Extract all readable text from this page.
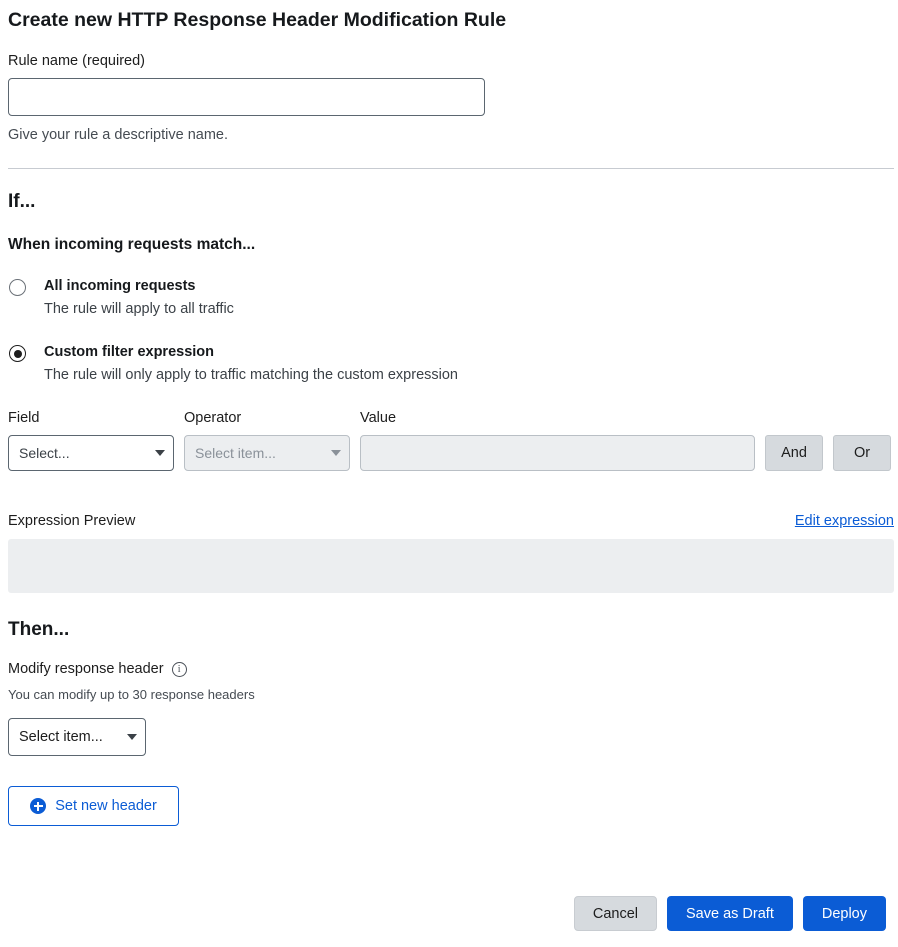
Create new HTTP Response Header Modification Rule
Rule name (required)
Give your rule a descriptive name.
If...
When incoming requests match...
All incoming requests
The rule will apply to all traffic
Custom filter expression
The rule will only apply to traffic matching the custom expression
Field
Select...
Operator
Select item...
Value
And	Or
Expression Preview	Edit expression
Then...
Modify response header	i
You can modify up to 30 response headers
Select item...
Set new header
Cancel	Save as Draft	Deploy
